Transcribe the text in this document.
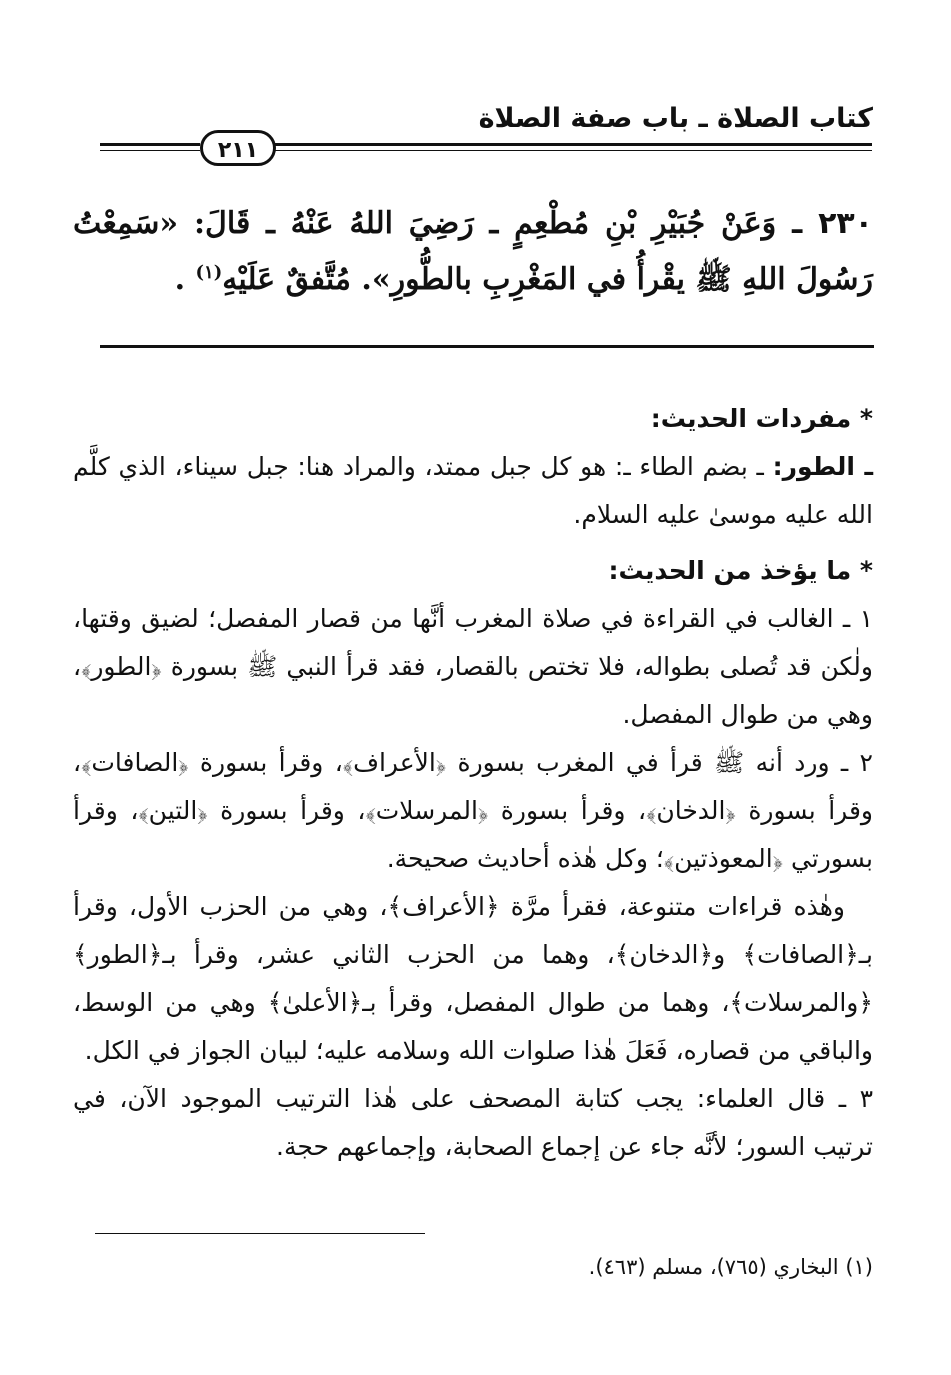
كتاب الصلاة ـ باب صفة الصلاة
٢١١
٢٣٠ ـ وَعَنْ جُبَيْرِ بْنِ مُطْعِمٍ ـ رَضِيَ اللهُ عَنْهُ ـ قَالَ: «سَمِعْتُ رَسُولَ اللهِ ﷺ يقْرأُ في المَغْرِبِ بالطُّورِ». مُتَّفقٌ عَلَيْهِ$^{(١)}$ .

* مفردات الحديث:

ـ الطور: ـ بضم الطاء ـ: هو كل جبل ممتد، والمراد هنا: جبل سيناء، الذي كلَّم الله عليه موسىٰ عليه السلام.

* ما يؤخذ من الحديث:

١ ـ الغالب في القراءة في صلاة المغرب أنَّها من قصار المفصل؛ لضيق وقتها، ولٰكن قد تُصلى بطواله، فلا تختص بالقصار، فقد قرأ النبي ﷺ بسورة ﴿الطور﴾، وهي من طوال المفصل.

٢ ـ ورد أنه ﷺ قرأ في المغرب بسورة ﴿الأعراف﴾، وقرأ بسورة ﴿الصافات﴾، وقرأ بسورة ﴿الدخان﴾، وقرأ بسورة ﴿المرسلات﴾، وقرأ بسورة ﴿التين﴾، وقرأ بسورتي ﴿المعوذتين﴾؛ وكل هٰذه أحاديث صحيحة.

وهٰذه قراءات متنوعة، فقرأ مرَّة ﴿الأعراف﴾، وهي من الحزب الأول، وقرأ بـ﴿الصافات﴾ و﴿الدخان﴾، وهما من الحزب الثاني عشر، وقرأ بـ﴿الطور﴾ ﴿والمرسلات﴾، وهما من طوال المفصل، وقرأ بـ﴿الأعلىٰ﴾ وهي من الوسط، والباقي من قصاره، فَعَلَ هٰذا صلوات الله وسلامه عليه؛ لبيان الجواز في الكل.

٣ ـ قال العلماء: يجب كتابة المصحف على هٰذا الترتيب الموجود الآن، في ترتيب السور؛ لأنَّه جاء عن إجماع الصحابة، وإجماعهم حجة.

(١) البخاري (٧٦٥)، مسلم (٤٦٣).
